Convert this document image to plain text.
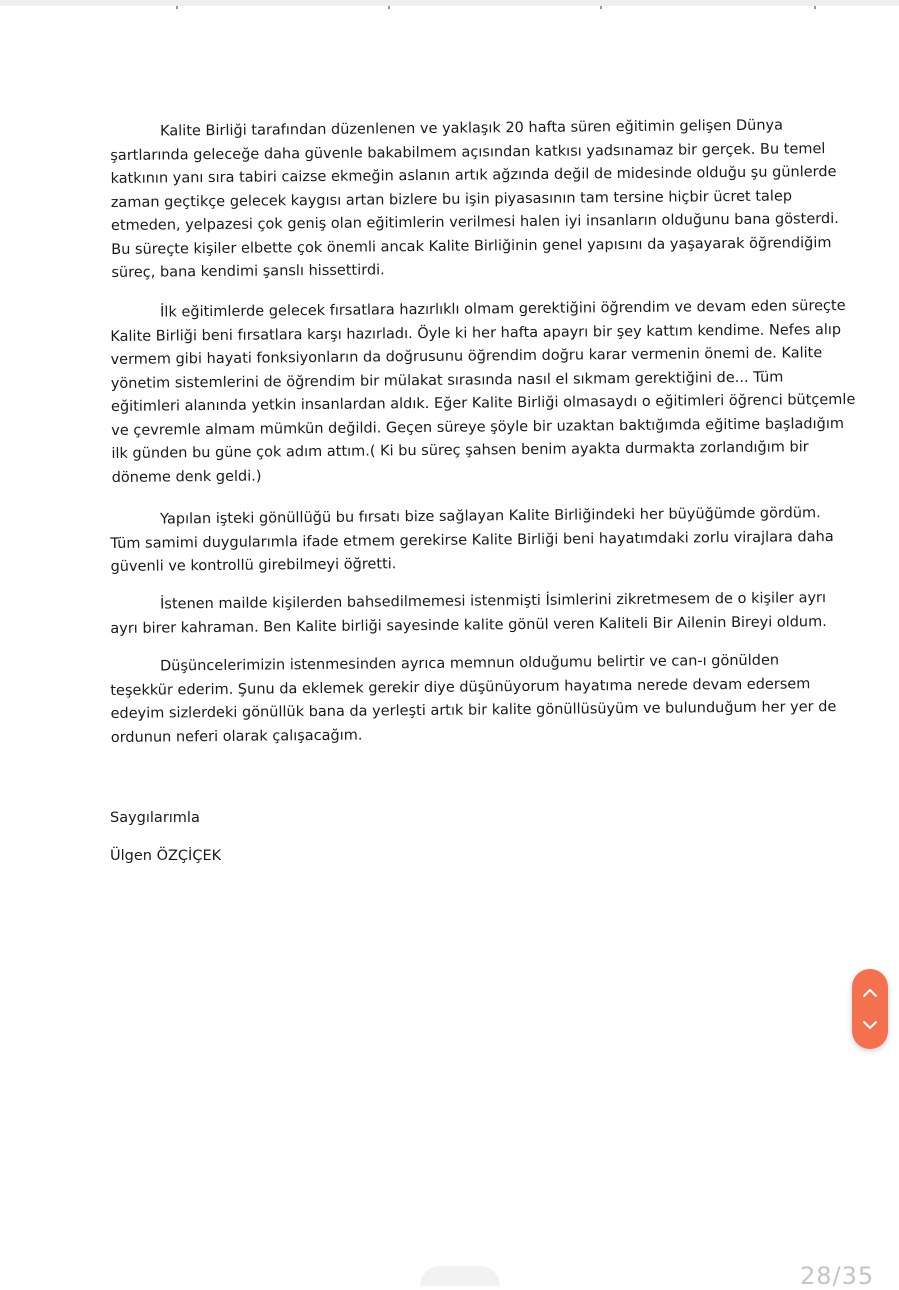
Kalite Birliği tarafından düzenlenen ve yaklaşık 20 hafta süren eğitimin gelişen Dünya
şartlarında geleceğe daha güvenle bakabilmem açısından katkısı yadsınamaz bir gerçek. Bu temel
katkının yanı sıra tabiri caizse ekmeğin aslanın artık ağzında değil de midesinde olduğu şu günlerde
zaman geçtikçe gelecek kaygısı artan bizlere bu işin piyasasının tam tersine hiçbir ücret talep
etmeden, yelpazesi çok geniş olan eğitimlerin verilmesi halen iyi insanların olduğunu bana gösterdi.
Bu süreçte kişiler elbette çok önemli ancak Kalite Birliğinin genel yapısını da yaşayarak öğrendiğim
süreç, bana kendimi şanslı hissettirdi.

İlk eğitimlerde gelecek fırsatlara hazırlıklı olmam gerektiğini öğrendim ve devam eden süreçte
Kalite Birliği beni fırsatlara karşı hazırladı. Öyle ki her hafta apayrı bir şey kattım kendime. Nefes alıp
vermem gibi hayati fonksiyonların da doğrusunu öğrendim doğru karar vermenin önemi de. Kalite
yönetim sistemlerini de öğrendim bir mülakat sırasında nasıl el sıkmam gerektiğini de... Tüm
eğitimleri alanında yetkin insanlardan aldık. Eğer Kalite Birliği olmasaydı o eğitimleri öğrenci bütçemle
ve çevremle almam mümkün değildi. Geçen süreye şöyle bir uzaktan baktığımda eğitime başladığım
ilk günden bu güne çok adım attım.( Ki bu süreç şahsen benim ayakta durmakta zorlandığım bir
döneme denk geldi.)

Yapılan işteki gönüllüğü bu fırsatı bize sağlayan Kalite Birliğindeki her büyüğümde gördüm.
Tüm samimi duygularımla ifade etmem gerekirse Kalite Birliği beni hayatımdaki zorlu virajlara daha
güvenli ve kontrollü girebilmeyi öğretti.

İstenen mailde kişilerden bahsedilmemesi istenmişti İsimlerini zikretmesem de o kişiler ayrı
ayrı birer kahraman. Ben Kalite birliği sayesinde kalite gönül veren Kaliteli Bir Ailenin Bireyi oldum.

Düşüncelerimizin istenmesinden ayrıca memnun olduğumu belirtir ve can-ı gönülden
teşekkür ederim. Şunu da eklemek gerekir diye düşünüyorum hayatıma nerede devam edersem
edeyim sizlerdeki gönüllük bana da yerleşti artık bir kalite gönüllüsüyüm ve bulunduğum her yer de
ordunun neferi olarak çalışacağım.

Saygılarımla
Ülgen ÖZÇİÇEK
28/35
